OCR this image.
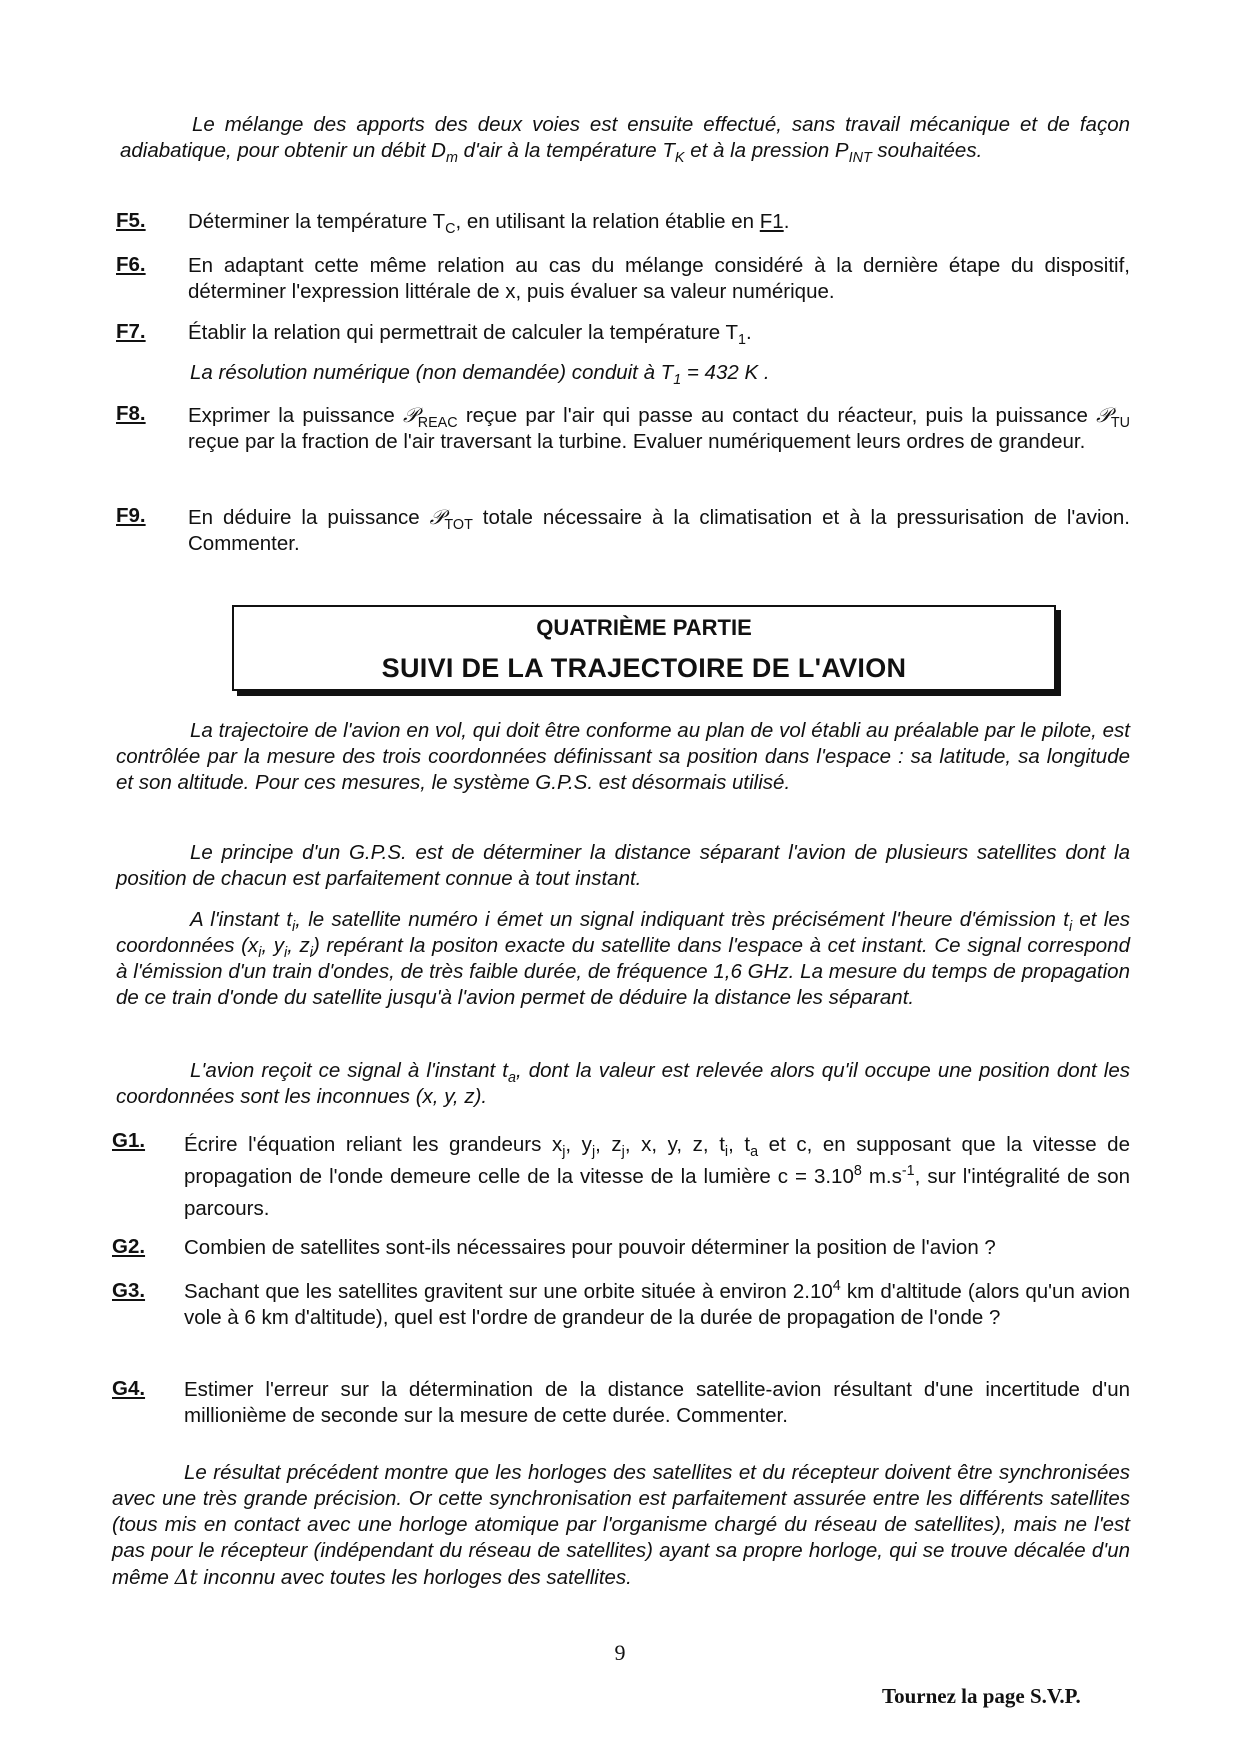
Le mélange des apports des deux voies est ensuite effectué, sans travail mécanique et de façon adiabatique, pour obtenir un débit $D_m$ d'air à la température $T_K$ et à la pression $P_{INT}$ souhaitées.

F5.	Déterminer la température $T_C$, en utilisant la relation établie en F1.
F6.	En adaptant cette même relation au cas du mélange considéré à la dernière étape du dispositif, déterminer l'expression littérale de x, puis évaluer sa valeur numérique.
F7.	Établir la relation qui permettrait de calculer la température $T_1$.

La résolution numérique (non demandée) conduit à $T_1 = 432$ K .

F8.	Exprimer la puissance 𝒫$_{REAC}$ reçue par l'air qui passe au contact du réacteur, puis la puissance 𝒫$_{TU}$ reçue par la fraction de l'air traversant la turbine. Evaluer numériquement leurs ordres de grandeur.
F9.	En déduire la puissance 𝒫$_{TOT}$ totale nécessaire à la climatisation et à la pressurisation de l'avion. Commenter.
QUATRIÈME PARTIE
SUIVI DE LA TRAJECTOIRE DE L'AVION

La trajectoire de l'avion en vol, qui doit être conforme au plan de vol établi au préalable par le pilote, est contrôlée par la mesure des trois coordonnées définissant sa position dans l'espace : sa latitude, sa longitude et son altitude. Pour ces mesures, le système G.P.S. est désormais utilisé.

Le principe d'un G.P.S. est de déterminer la distance séparant l'avion de plusieurs satellites dont la position de chacun est parfaitement connue à tout instant.

A l'instant $t_i$, le satellite numéro i émet un signal indiquant très précisément l'heure d'émission $t_i$ et les coordonnées ($x_i$, $y_i$, $z_i$) repérant la positon exacte du satellite dans l'espace à cet instant. Ce signal correspond à l'émission d'un train d'ondes, de très faible durée, de fréquence 1,6 GHz. La mesure du temps de propagation de ce train d'onde du satellite jusqu'à l'avion permet de déduire la distance les séparant.

L'avion reçoit ce signal à l'instant $t_a$, dont la valeur est relevée alors qu'il occupe une position dont les coordonnées sont les inconnues (x, y, z).

G1.	Écrire l'équation reliant les grandeurs $x_j$, $y_j$, $z_j$, x, y, z, $t_i$, $t_a$ et c, en supposant que la vitesse de propagation de l'onde demeure celle de la vitesse de la lumière $c = 3.10^8$ $m.s^{-1}$, sur l'intégralité de son parcours.
G2.	Combien de satellites sont-ils nécessaires pour pouvoir déterminer la position de l'avion ?
G3.	Sachant que les satellites gravitent sur une orbite située à environ 2.10$^4$ km d'altitude (alors qu'un avion vole à 6 km d'altitude), quel est l'ordre de grandeur de la durée de propagation de l'onde ?
G4.	Estimer l'erreur sur la détermination de la distance satellite-avion résultant d'une incertitude d'un millionième de seconde sur la mesure de cette durée. Commenter.

Le résultat précédent montre que les horloges des satellites et du récepteur doivent être synchronisées avec une très grande précision. Or cette synchronisation est parfaitement assurée entre les différents satellites (tous mis en contact avec une horloge atomique par l'organisme chargé du réseau de satellites), mais ne l'est pas pour le récepteur (indépendant du réseau de satellites) ayant sa propre horloge, qui se trouve décalée d'un même Δt inconnu avec toutes les horloges des satellites.

9
Tournez la page S.V.P.
